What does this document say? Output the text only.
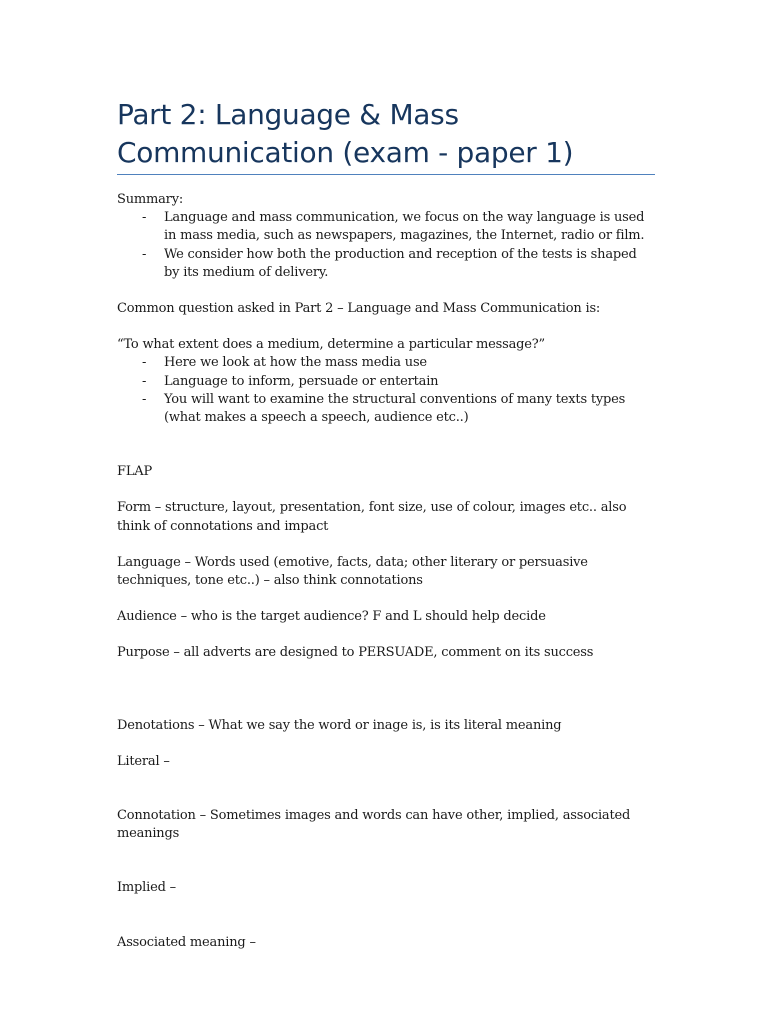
Part 2: Language & Mass
Communication (exam - paper 1)

Summary:

- Language and mass communication, we focus on the way language is used in mass media, such as newspapers, magazines, the Internet, radio or film.
- We consider how both the production and reception of the tests is shaped by its medium of delivery.

Common question asked in Part 2 – Language and Mass Communication is:

“To what extent does a medium, determine a particular message?”

- Here we look at how the mass media use
- Language to inform, persuade or entertain
- You will want to examine the structural conventions of many texts types (what makes a speech a speech, audience etc..)

FLAP

Form – structure, layout, presentation, font size, use of colour, images etc.. also think of connotations and impact

Language – Words used (emotive, facts, data; other literary or persuasive techniques, tone etc..) – also think connotations

Audience – who is the target audience? F and L should help decide

Purpose – all adverts are designed to PERSUADE, comment on its success

Denotations – What we say the word or inage is, is its literal meaning

Literal –

Connotation – Sometimes images and words can have other, implied, associated meanings

Implied –

Associated meaning –
